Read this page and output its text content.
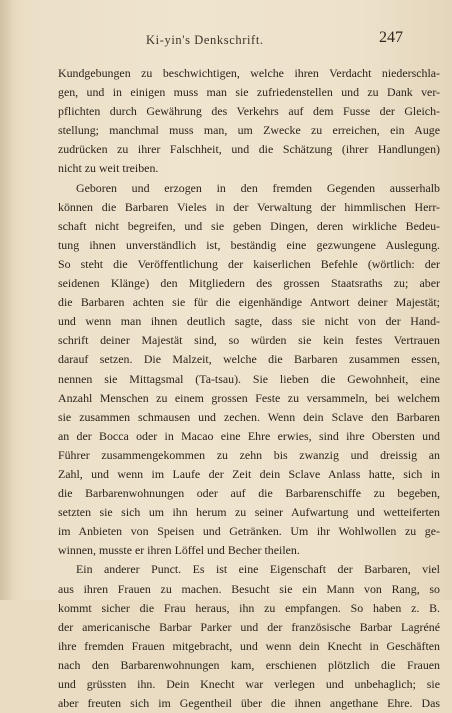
Ki-yin's Denkschrift.	247
Kundgebungen zu beschwichtigen, welche ihren Verdacht niederschla-
gen, und in einigen muss man sie zufriedenstellen und zu Dank ver-
pflichten durch Gewährung des Verkehrs auf dem Fusse der Gleich-
stellung; manchmal muss man, um Zwecke zu erreichen, ein Auge
zudrücken zu ihrer Falschheit, und die Schätzung (ihrer Handlungen)
nicht zu weit treiben.
Geboren und erzogen in den fremden Gegenden ausserhalb
können die Barbaren Vieles in der Verwaltung der himmlischen Herr-
schaft nicht begreifen, und sie geben Dingen, deren wirkliche Bedeu-
tung ihnen unverständlich ist, beständig eine gezwungene Auslegung.
So steht die Veröffentlichung der kaiserlichen Befehle (wörtlich: der
seidenen Klänge) den Mitgliedern des grossen Staatsraths zu; aber
die Barbaren achten sie für die eigenhändige Antwort deiner Majestät;
und wenn man ihnen deutlich sagte, dass sie nicht von der Hand-
schrift deiner Majestät sind, so würden sie kein festes Vertrauen
darauf setzen. Die Malzeit, welche die Barbaren zusammen essen,
nennen sie Mittagsmal (Ta-tsau). Sie lieben die Gewohnheit, eine
Anzahl Menschen zu einem grossen Feste zu versammeln, bei welchem
sie zusammen schmausen und zechen. Wenn dein Sclave den Barbaren
an der Bocca oder in Macao eine Ehre erwies, sind ihre Obersten und
Führer zusammengekommen zu zehn bis zwanzig und dreissig an
Zahl, und wenn im Laufe der Zeit dein Sclave Anlass hatte, sich in
die Barbarenwohnungen oder auf die Barbarenschiffe zu begeben,
setzten sie sich um ihn herum zu seiner Aufwartung und wetteiferten
im Anbieten von Speisen und Getränken. Um ihr Wohlwollen zu ge-
winnen, musste er ihren Löffel und Becher theilen.
Ein anderer Punct. Es ist eine Eigenschaft der Barbaren, viel
aus ihren Frauen zu machen. Besucht sie ein Mann von Rang, so
kommt sicher die Frau heraus, ihn zu empfangen. So haben z. B.
der americanische Barbar Parker und der französische Barbar Lagréné
ihre fremden Frauen mitgebracht, und wenn dein Knecht in Geschäften
nach den Barbarenwohnungen kam, erschienen plötzlich die Frauen
und grüssten ihn. Dein Knecht war verlegen und unbehaglich; sie
aber freuten sich im Gegentheil über die ihnen angethane Ehre. Das
